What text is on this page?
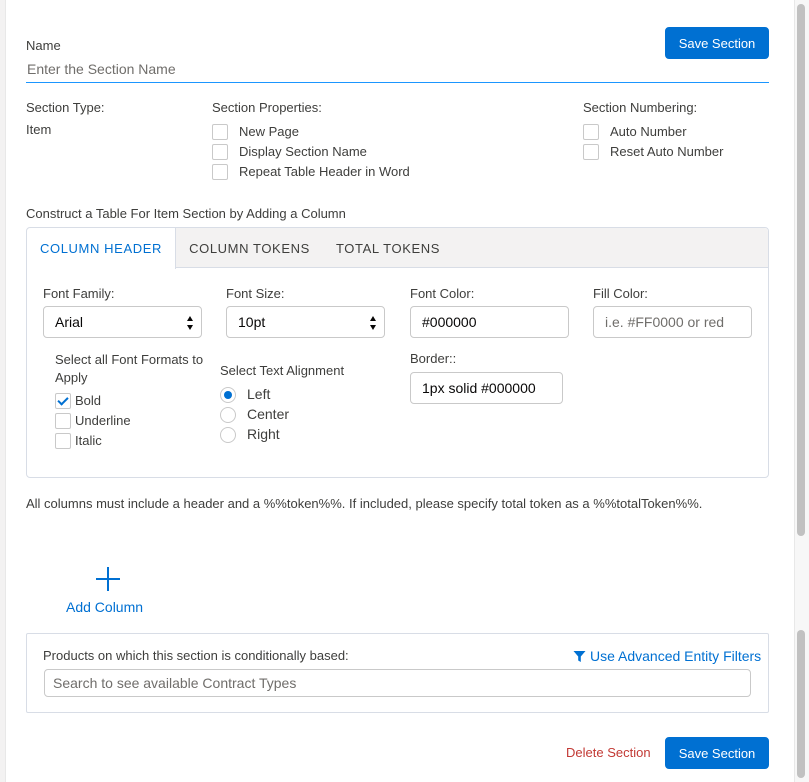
Name
Enter the Section Name	Save Section
Section Type:
Item
Section Properties:
New Page
Display Section Name
Repeat Table Header in Word
Section Numbering:
Auto Number
Reset Auto Number
Construct a Table For Item Section by Adding a Column
COLUMN HEADER	COLUMN TOKENS	TOTAL TOKENS
Font Family:
Arial
Font Size:
10pt
Font Color:
#000000
Fill Color:
i.e. #FF0000 or red
Select all Font Formats to Apply
Bold
Underline
Italic
Select Text Alignment
Left
Center
Right
Border::
1px solid #000000
All columns must include a header and a %%token%%. If included, please specify total token as a %%totalToken%%.
Add Column
Products on which this section is conditionally based:	Use Advanced Entity Filters
Search to see available Contract Types
Delete Section	Save Section
